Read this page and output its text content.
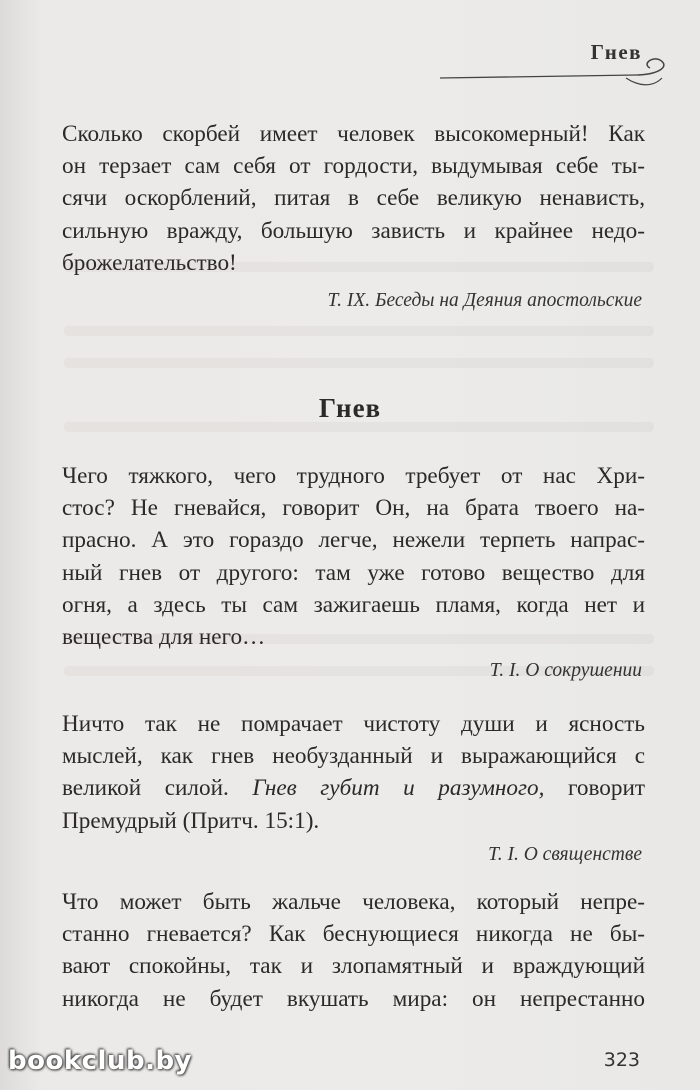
Гнев
Сколько скорбей имеет человек высокомерный! Как
он терзает сам себя от гордости, выдумывая себе ты-
сячи оскорблений, питая в себе великую ненависть,
сильную вражду, большую зависть и крайнее недо-
брожелательство!
Т. IX. Беседы на Деяния апостольские
Гнев
Чего тяжкого, чего трудного требует от нас Хри-
стос? Не гневайся, говорит Он, на брата твоего на-
прасно. А это гораздо легче, нежели терпеть напрас-
ный гнев от другого: там уже готово вещество для
огня, а здесь ты сам зажигаешь пламя, когда нет и
вещества для него…
Т. I. О сокрушении
Ничто так не помрачает чистоту души и ясность
мыслей, как гнев необузданный и выражающийся с
великой силой. Гнев губит и разумного, говорит
Премудрый (Притч. 15:1).
Т. I. О священстве
Что может быть жальче человека, который непре-
станно гневается? Как беснующиеся никогда не бы-
вают спокойны, так и злопамятный и враждующий
никогда не будет вкушать мира: он непрестанно
323
bookclub.by
